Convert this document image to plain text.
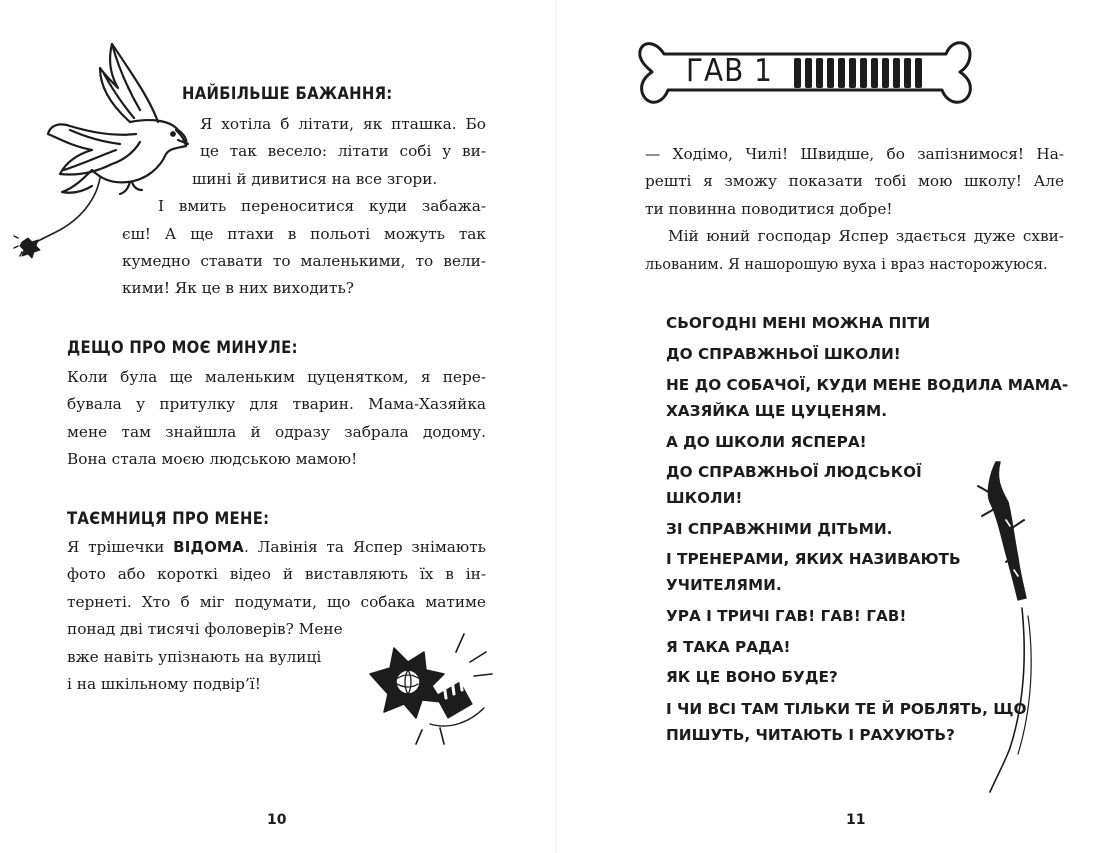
НАЙБІЛЬШЕ БАЖАННЯ:
Я хотіла б літати, як пташка. Бо
це так весело: літати собі у ви-
шині й дивитися на все згори.
І вмить переноситися куди забажа-
єш! А ще птахи в польоті можуть так
кумедно ставати то маленькими, то вели-
кими! Як це в них виходить?
ДЕЩО ПРО МОЄ МИНУЛЕ:
Коли була ще маленьким цуценятком, я пере-
бувала у притулку для тварин. Мама-Хазяйка
мене там знайшла й одразу забрала додому.
Вона стала моєю людською мамою!
ТАЄМНИЦЯ ПРО МЕНЕ:
Я трішечки ВІДОМА. Лавінія та Яспер знімають
фото або короткі відео й виставляють їх в ін-
тернеті. Хто б міг подумати, що собака матиме
понад дві тисячі фоловерів? Мене
вже навіть упізнають на вулиці
і на шкільному подвір’ї!
10
ГАВ 1
— Ходімо, Чилі! Швидше, бо запізнимося! На-
решті я зможу показати тобі мою школу! Але
ти повинна поводитися добре!
Мій юний господар Яспер здається дуже схви-
льованим. Я нашорошую вуха і враз насторожуюся.
СЬОГОДНІ МЕНІ МОЖНА ПІТИ
ДО СПРАВЖНЬОЇ ШКОЛИ!
НЕ ДО СОБАЧОЇ, КУДИ МЕНЕ ВОДИЛА МАМА-
ХАЗЯЙКА ЩЕ ЦУЦЕНЯМ.
А ДО ШКОЛИ ЯСПЕРА!
ДО СПРАВЖНЬОЇ ЛЮДСЬКОЇ
ШКОЛИ!
ЗІ СПРАВЖНІМИ ДІТЬМИ.
І ТРЕНЕРАМИ, ЯКИХ НАЗИВАЮТЬ
УЧИТЕЛЯМИ.
УРА І ТРИЧІ ГАВ! ГАВ! ГАВ!
Я ТАКА РАДА!
ЯК ЦЕ ВОНО БУДЕ?
І ЧИ ВСІ ТАМ ТІЛЬКИ ТЕ Й РОБЛЯТЬ, ЩО
ПИШУТЬ, ЧИТАЮТЬ І РАХУЮТЬ?
11
